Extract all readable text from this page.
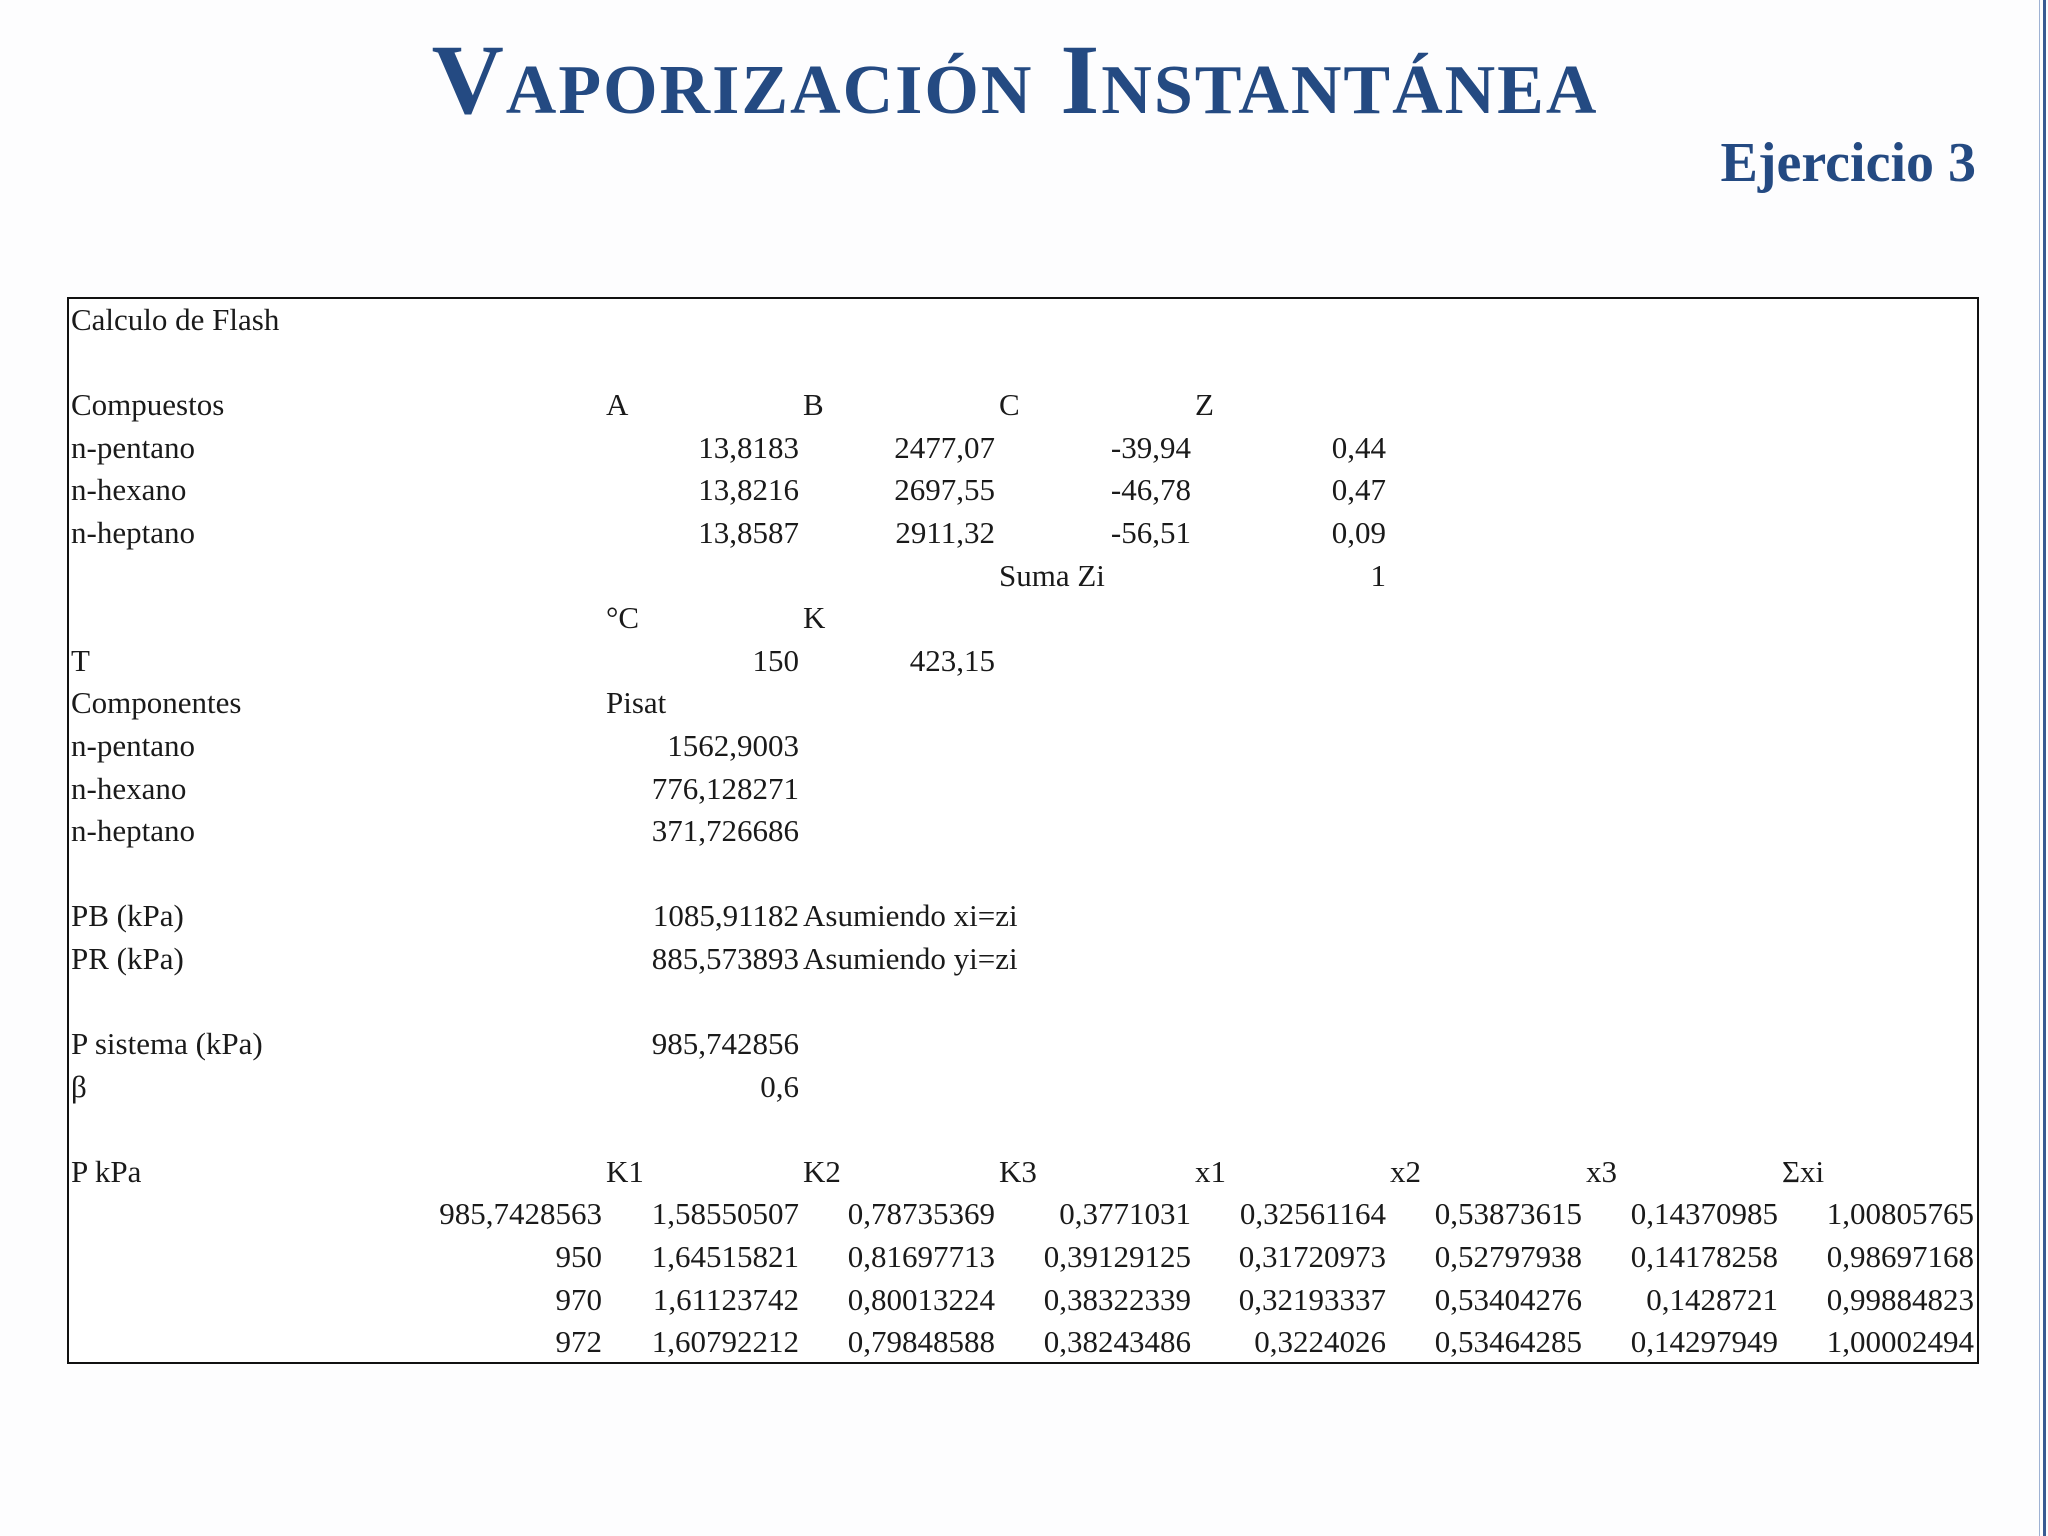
Vaporización Instantánea
Ejercicio 3
Calculo de Flash
Compuestos	A	B	C	Z
n-pentano	13,8183	2477,07	-39,94	0,44
n-hexano	13,8216	2697,55	-46,78	0,47
n-heptano	13,8587	2911,32	-56,51	0,09
Suma Zi	1
°C	K
T	150	423,15
Componentes	Pisat
n-pentano	1562,9003
n-hexano	776,128271
n-heptano	371,726686
PB (kPa)	1085,91182 Asumiendo xi=zi
PR (kPa)	885,573893 Asumiendo yi=zi
P sistema (kPa)	985,742856
β	0,6
P kPa	K1	K2	K3	x1	x2	x3	Σxi
985,7428563	1,58550507	0,78735369	0,3771031	0,32561164	0,53873615	0,14370985	1,00805765
950	1,64515821	0,81697713	0,39129125	0,31720973	0,52797938	0,14178258	0,98697168
970	1,61123742	0,80013224	0,38322339	0,32193337	0,53404276	0,1428721	0,99884823
972	1,60792212	0,79848588	0,38243486	0,3224026	0,53464285	0,14297949	1,00002494
